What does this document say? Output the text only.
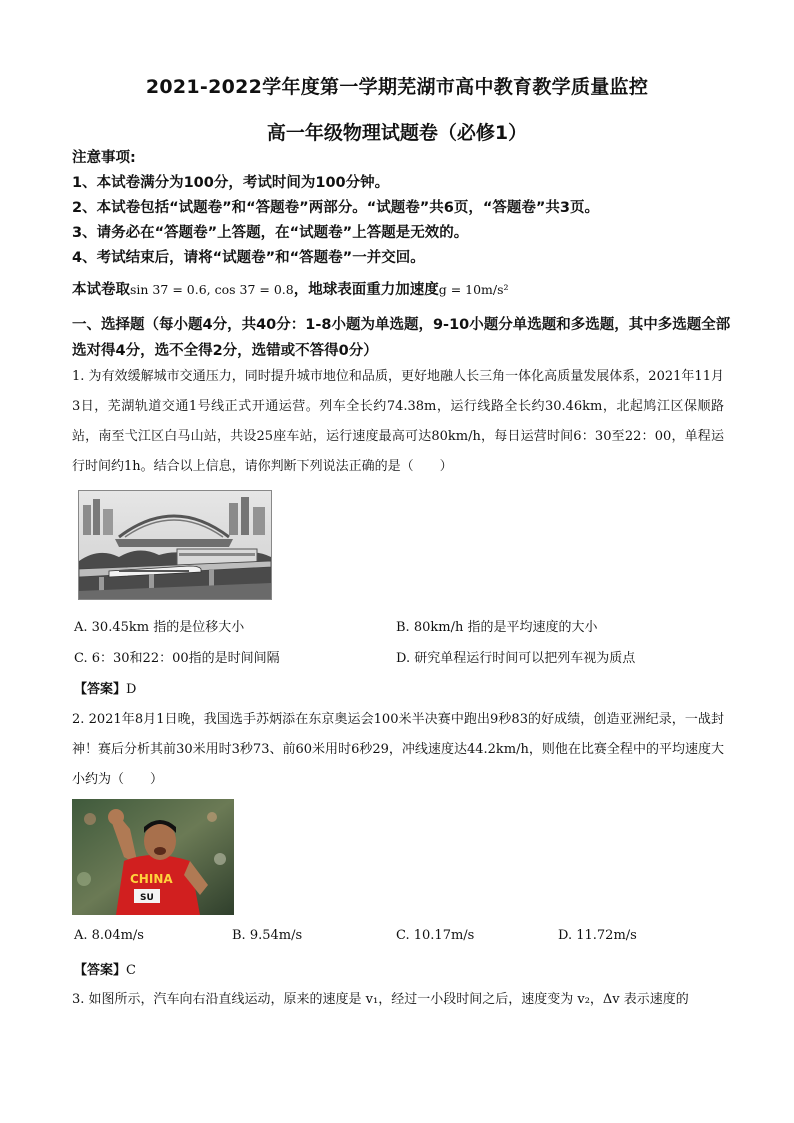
2021-2022学年度第一学期芜湖市高中教育教学质量监控
高一年级物理试题卷（必修1）
注意事项:
1、本试卷满分为100分，考试时间为100分钟。
2、本试卷包括“试题卷”和“答题卷”两部分。“试题卷”共6页，“答题卷”共3页。
3、请务必在“答题卷”上答题，在“试题卷”上答题是无效的。
4、考试结束后，请将“试题卷”和“答题卷”一并交回。
本试卷取sin 37 = 0.6, cos 37 = 0.8，地球表面重力加速度g = 10m/s²
一、选择题（每小题4分，共40分：1-8小题为单选题，9-10小题分单选题和多选题，其中多选题全部选对得4分，选不全得2分，选错或不答得0分）
1. 为有效缓解城市交通压力，同时提升城市地位和品质，更好地融人长三角一体化高质量发展体系，2021年11月3日，芜湖轨道交通1号线正式开通运营。列车全长约74.38m，运行线路全长约30.46km，北起鸠江区保顺路站，南至弋江区白马山站，共设25座车站，运行速度最高可达80km/h，每日运营时间6：30至22：00，单程运行时间约1h。结合以上信息，请你判断下列说法正确的是（　　）
A. 30.45km 指的是位移大小	B. 80km/h 指的是平均速度的大小
C. 6：30和22：00指的是时间间隔	D. 研究单程运行时间可以把列车视为质点
【答案】D
2. 2021年8月1日晚，我国选手苏炳添在东京奥运会100米半决赛中跑出9秒83的好成绩，创造亚洲纪录，一战封神！赛后分析其前30米用时3秒73、前60米用时6秒29，冲线速度达44.2km/h，则他在比赛全程中的平均速度大小约为（　　）
CHINA
SU
A. 8.04m/s	B. 9.54m/s	C. 10.17m/s	D. 11.72m/s
【答案】C
3. 如图所示，汽车向右沿直线运动，原来的速度是 v₁，经过一小段时间之后，速度变为 v₂，Δv 表示速度的
